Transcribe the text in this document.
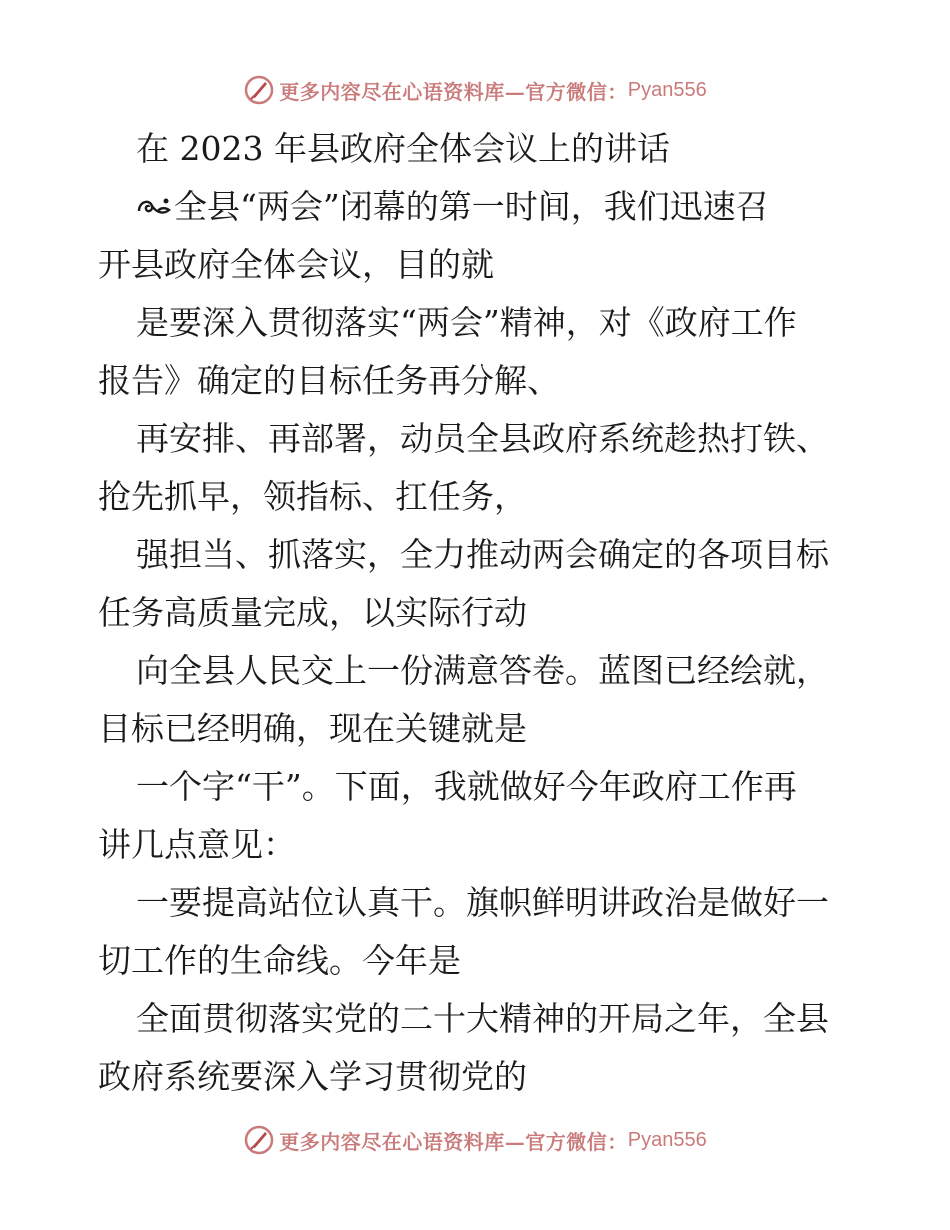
更多内容尽在心语资料库—官方微信： Pyan556
在 2023 年县政府全体会议上的讲话
全县“两会”闭幕的第一时间，我们迅速召
开县政府全体会议，目的就
是要深入贯彻落实“两会”精神，对《政府工作
报告》确定的目标任务再分解、
再安排、再部署，动员全县政府系统趁热打铁、
抢先抓早，领指标、扛任务，
强担当、抓落实，全力推动两会确定的各项目标
任务高质量完成，以实际行动
向全县人民交上一份满意答卷。蓝图已经绘就，
目标已经明确，现在关键就是
一个字“干”。下面，我就做好今年政府工作再
讲几点意见：
一要提高站位认真干。旗帜鲜明讲政治是做好一
切工作的生命线。今年是
全面贯彻落实党的二十大精神的开局之年，全县
政府系统要深入学习贯彻党的
更多内容尽在心语资料库—官方微信： Pyan556
